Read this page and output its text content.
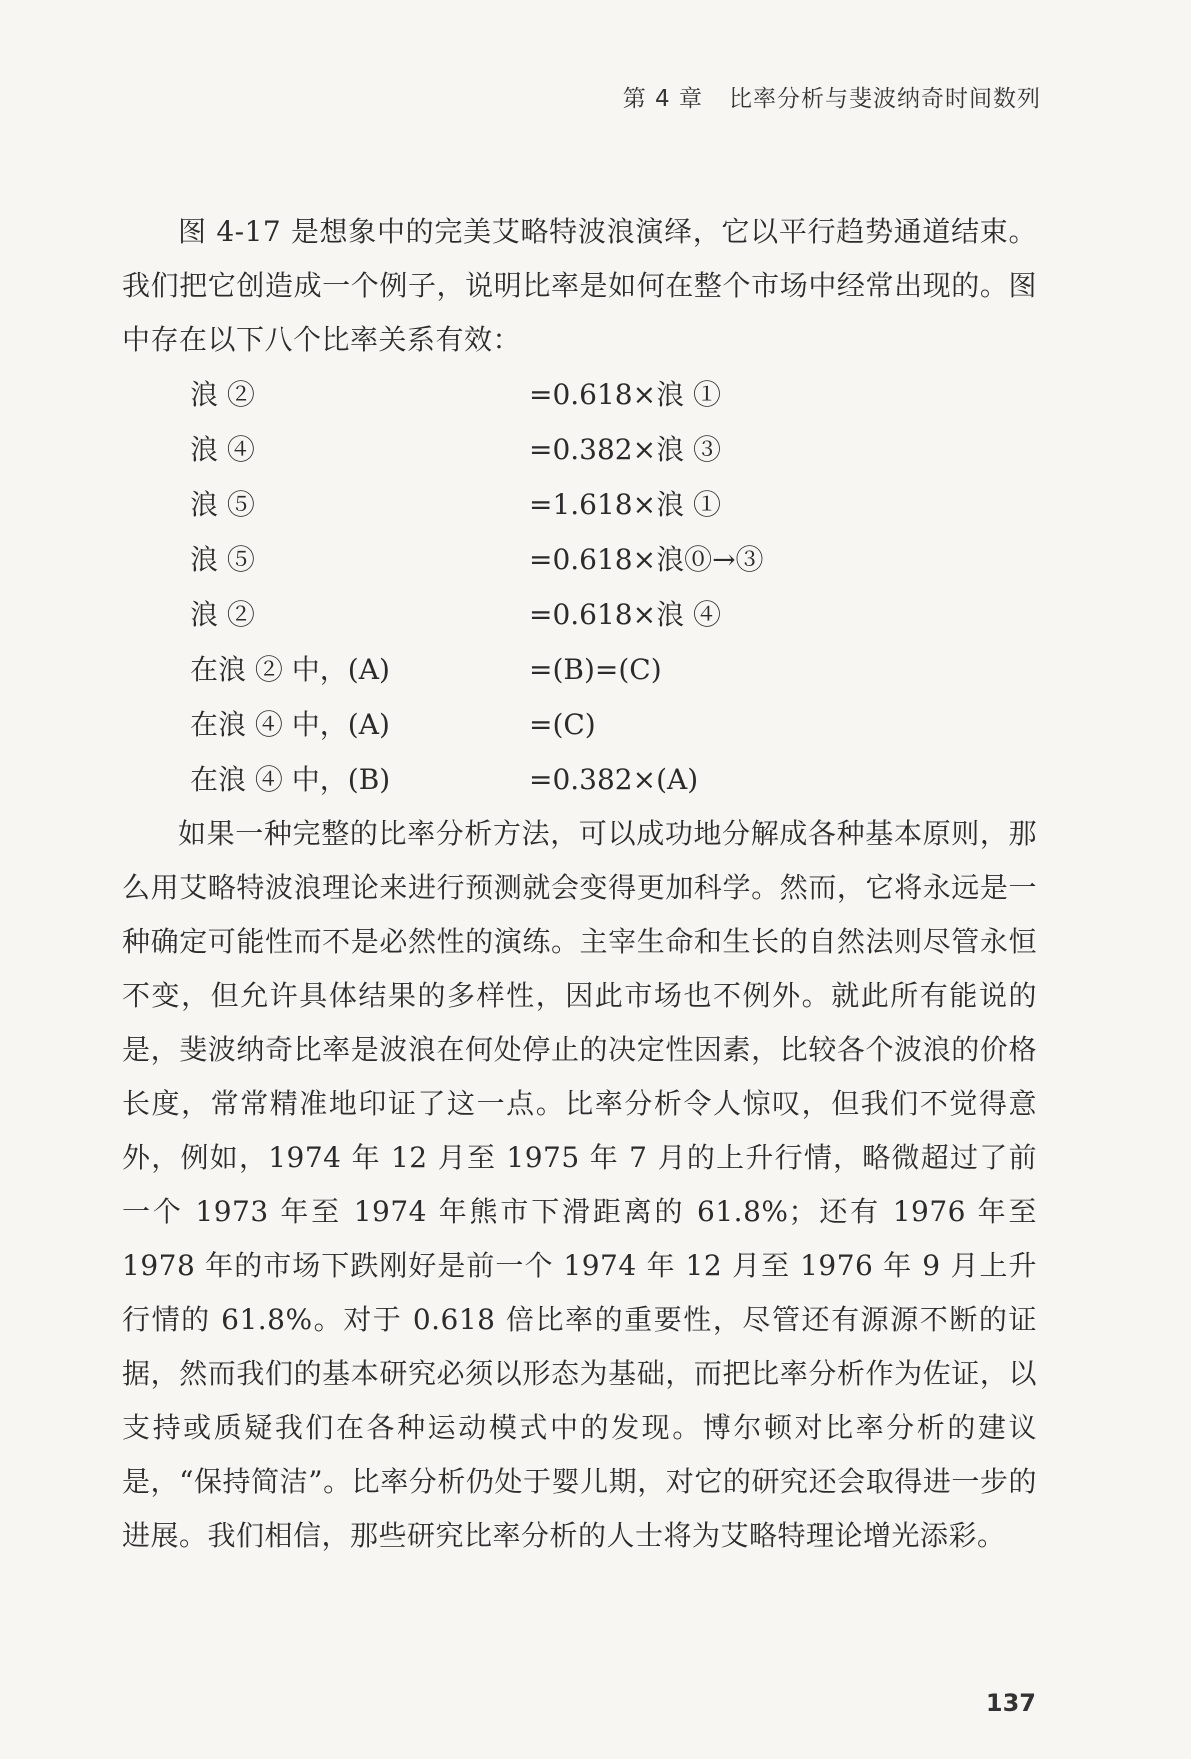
第 4 章 比率分析与斐波纳奇时间数列

图 4-17 是想象中的完美艾略特波浪演绎，它以平行趋势通道结束。我们把它创造成一个例子，说明比率是如何在整个市场中经常出现的。图中存在以下八个比率关系有效：

浪 ②	=0.618×浪 ①
浪 ④	=0.382×浪 ③
浪 ⑤	=1.618×浪 ①
浪 ⑤	=0.618×浪⓪→③
浪 ②	=0.618×浪 ④
在浪 ② 中，(A)	=(B)=(C)
在浪 ④ 中，(A)	=(C)
在浪 ④ 中，(B)	=0.382×(A)

如果一种完整的比率分析方法，可以成功地分解成各种基本原则，那么用艾略特波浪理论来进行预测就会变得更加科学。然而，它将永远是一种确定可能性而不是必然性的演练。主宰生命和生长的自然法则尽管永恒不变，但允许具体结果的多样性，因此市场也不例外。就此所有能说的是，斐波纳奇比率是波浪在何处停止的决定性因素，比较各个波浪的价格长度，常常精准地印证了这一点。比率分析令人惊叹，但我们不觉得意外，例如，1974 年 12 月至 1975 年 7 月的上升行情，略微超过了前一个 1973 年至 1974 年熊市下滑距离的 61.8%；还有 1976 年至 1978 年的市场下跌刚好是前一个 1974 年 12 月至 1976 年 9 月上升行情的 61.8%。对于 0.618 倍比率的重要性，尽管还有源源不断的证据，然而我们的基本研究必须以形态为基础，而把比率分析作为佐证，以支持或质疑我们在各种运动模式中的发现。博尔顿对比率分析的建议是，“保持简洁”。比率分析仍处于婴儿期，对它的研究还会取得进一步的进展。我们相信，那些研究比率分析的人士将为艾略特理论增光添彩。

137
